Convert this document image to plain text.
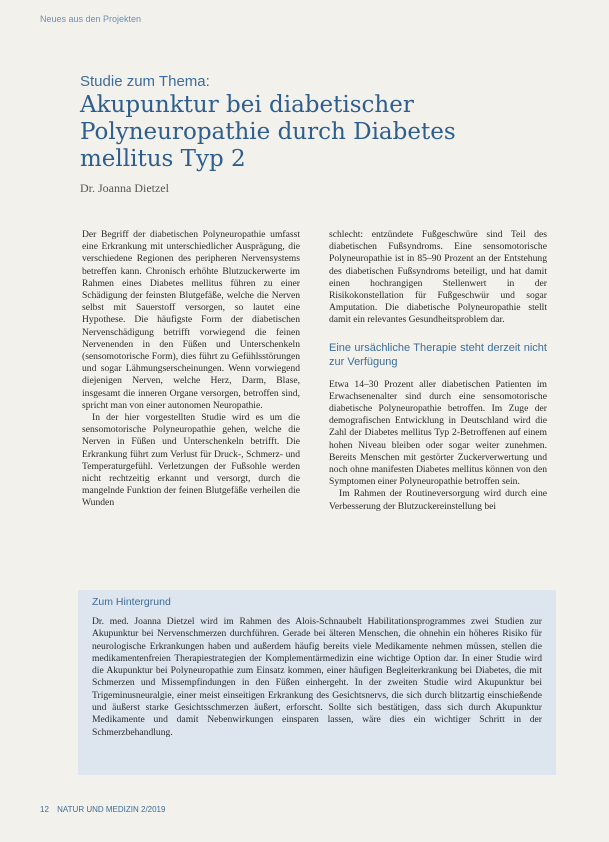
Neues aus den Projekten
Studie zum Thema:
Akupunktur bei diabetischer Polyneuropathie durch Diabetes mellitus Typ 2
Dr. Joanna Dietzel

Der Begriff der diabetischen Polyneuropathie umfasst eine Erkrankung mit unterschiedlicher Ausprägung, die verschiedene Regionen des peripheren Nervensystems betreffen kann. Chronisch erhöhte Blutzuckerwerte im Rahmen eines Diabetes mellitus führen zu einer Schädigung der feinsten Blutgefäße, welche die Nerven selbst mit Sauerstoff versorgen, so lautet eine Hypothese. Die häufigste Form der diabetischen Nervenschädigung betrifft vorwiegend die feinen Nervenenden in den Füßen und Unterschenkeln (sensomotorische Form), dies führt zu Gefühlsstörungen und sogar Lähmungserscheinungen. Wenn vorwiegend diejenigen Nerven, welche Herz, Darm, Blase, insgesamt die inneren Organe versorgen, betroffen sind, spricht man von einer autonomen Neuropathie.

In der hier vorgestellten Studie wird es um die sensomotorische Polyneuropathie gehen, welche die Nerven in Füßen und Unterschenkeln betrifft. Die Erkrankung führt zum Verlust für Druck-, Schmerz- und Temperaturgefühl. Verletzungen der Fußsohle werden nicht rechtzeitig erkannt und versorgt, durch die mangelnde Funktion der feinen Blutgefäße verheilen die Wunden

schlecht: entzündete Fußgeschwüre sind Teil des diabetischen Fußsyndroms. Eine sensomotorische Polyneuropathie ist in 85–90 Prozent an der Entstehung des diabetischen Fußsyndroms beteiligt, und hat damit einen hochrangigen Stellenwert in der Risikokonstellation für Fußgeschwür und sogar Amputation. Die diabetische Polyneuropathie stellt damit ein relevantes Gesundheitsproblem dar.

Eine ursächliche Therapie steht derzeit nicht zur Verfügung

Etwa 14–30 Prozent aller diabetischen Patienten im Erwachsenenalter sind durch eine sensomotorische diabetische Polyneuropathie betroffen. Im Zuge der demografischen Entwicklung in Deutschland wird die Zahl der Diabetes mellitus Typ 2-Betroffenen auf einem hohen Niveau bleiben oder sogar weiter zunehmen. Bereits Menschen mit gestörter Zuckerverwertung und noch ohne manifesten Diabetes mellitus können von den Symptomen einer Polyneuropathie betroffen sein.

Im Rahmen der Routineversorgung wird durch eine Verbesserung der Blutzuckereinstellung bei

Zum Hintergrund

Dr. med. Joanna Dietzel wird im Rahmen des Alois-Schnaubelt Habilitationsprogrammes zwei Studien zur Akupunktur bei Nervenschmerzen durchführen. Gerade bei älteren Menschen, die ohnehin ein höheres Risiko für neurologische Erkrankungen haben und außerdem häufig bereits viele Medikamente nehmen müssen, stellen die medikamentenfreien Therapiestrategien der Komplementärmedizin eine wichtige Option dar. In einer Studie wird die Akupunktur bei Polyneuropathie zum Einsatz kommen, einer häufigen Begleiterkrankung bei Diabetes, die mit Schmerzen und Missempfindungen in den Füßen einhergeht. In der zweiten Studie wird Akupunktur bei Trigeminusneuralgie, einer meist einseitigen Erkrankung des Gesichtsnervs, die sich durch blitzartig einschießende und äußerst starke Gesichtsschmerzen äußert, erforscht. Sollte sich bestätigen, dass sich durch Akupunktur Medikamente und damit Nebenwirkungen einsparen lassen, wäre dies ein wichtiger Schritt in der Schmerzbehandlung.

12 NATUR UND MEDIZIN 2/2019
